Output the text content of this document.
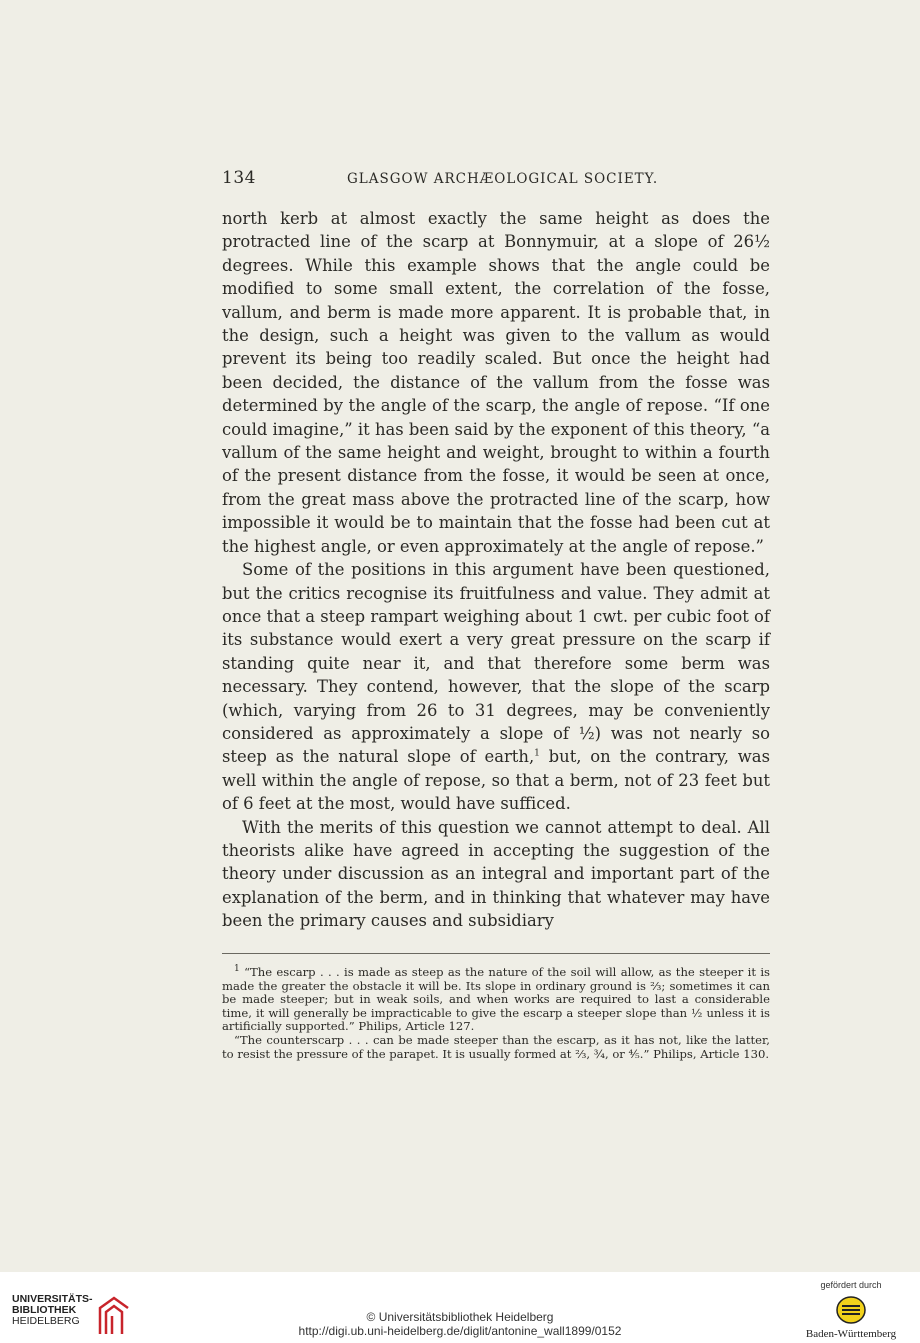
134	GLASGOW ARCHÆOLOGICAL SOCIETY.

north kerb at almost exactly the same height as does the protracted line of the scarp at Bonnymuir, at a slope of 26½ degrees. While this example shows that the angle could be modified to some small extent, the correlation of the fosse, vallum, and berm is made more apparent. It is probable that, in the design, such a height was given to the vallum as would prevent its being too readily scaled. But once the height had been decided, the distance of the vallum from the fosse was determined by the angle of the scarp, the angle of repose. “If one could imagine,” it has been said by the exponent of this theory, “a vallum of the same height and weight, brought to within a fourth of the present distance from the fosse, it would be seen at once, from the great mass above the protracted line of the scarp, how impossible it would be to maintain that the fosse had been cut at the highest angle, or even approximately at the angle of repose.”

Some of the positions in this argument have been questioned, but the critics recognise its fruitfulness and value. They admit at once that a steep rampart weighing about 1 cwt. per cubic foot of its substance would exert a very great pressure on the scarp if standing quite near it, and that therefore some berm was necessary. They contend, however, that the slope of the scarp (which, varying from 26 to 31 degrees, may be conveniently considered as approximately a slope of ½) was not nearly so steep as the natural slope of earth,$^1$ but, on the contrary, was well within the angle of repose, so that a berm, not of 23 feet but of 6 feet at the most, would have sufficed.

With the merits of this question we cannot attempt to deal. All theorists alike have agreed in accepting the suggestion of the theory under discussion as an integral and important part of the explanation of the berm, and in thinking that whatever may have been the primary causes and subsidiary

$^1$ “The escarp . . . is made as steep as the nature of the soil will allow, as the steeper it is made the greater the obstacle it will be. Its slope in ordinary ground is ⅔; sometimes it can be made steeper; but in weak soils, and when works are required to last a considerable time, it will generally be impracticable to give the escarp a steeper slope than ½ unless it is artificially supported.” Philips, Article 127.

“The counterscarp . . . can be made steeper than the escarp, as it has not, like the latter, to resist the pressure of the parapet. It is usually formed at ⅔, ¾, or ⅘.” Philips, Article 130.

UNIVERSITÄTS-
BIBLIOTHEK
HEIDELBERG	© Universitätsbibliothek Heidelberg
http://digi.ub.uni-heidelberg.de/diglit/antonine_wall1899/0152
gefördert durch
Baden-Württemberg
